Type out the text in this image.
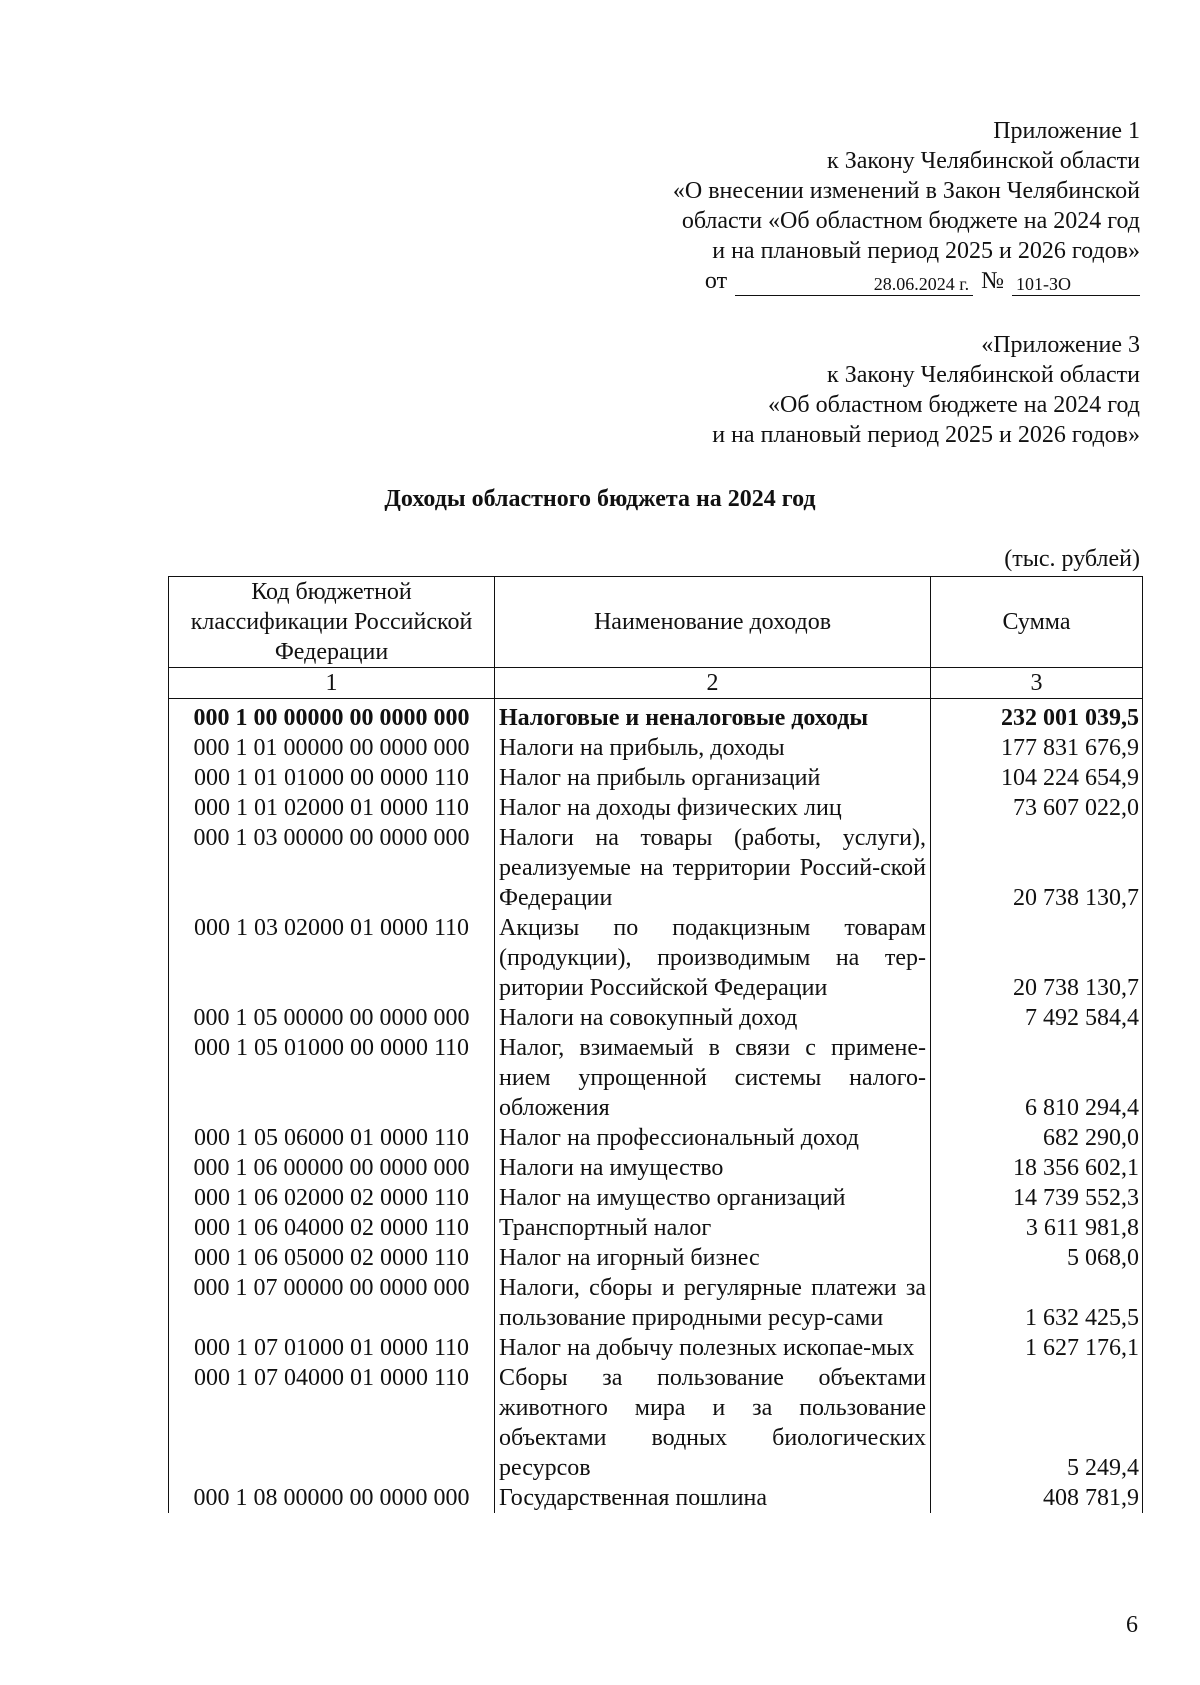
Приложение 1
к Закону Челябинской области
«О внесении изменений в Закон Челябинской
области «Об областном бюджете на 2024 год
и на плановый период 2025 и 2026 годов»
от	28.06.2024 г. № 101-ЗО
«Приложение 3
к Закону Челябинской области
«Об областном бюджете на 2024 год
и на плановый период 2025 и 2026 годов»
Доходы областного бюджета на 2024 год
(тыс. рублей)
Код бюджетной классификации Российской Федерации	Наименование доходов	Сумма
1	2	3
000 1 00 00000 00 0000 000	Налоговые и неналоговые доходы	232 001 039,5
000 1 01 00000 00 0000 000	Налоги на прибыль, доходы	177 831 676,9
000 1 01 01000 00 0000 110	Налог на прибыль организаций	104 224 654,9
000 1 01 02000 01 0000 110	Налог на доходы физических лиц	73 607 022,0
000 1 03 00000 00 0000 000	Налоги на товары (работы, услуги), реализуемые на территории Россий-ской Федерации	20 738 130,7
000 1 03 02000 01 0000 110	Акцизы по подакцизным товарам (продукции), производимым на тер-ритории Российской Федерации	20 738 130,7
000 1 05 00000 00 0000 000	Налоги на совокупный доход	7 492 584,4
000 1 05 01000 00 0000 110	Налог, взимаемый в связи с примене-нием упрощенной системы налого-обложения	6 810 294,4
000 1 05 06000 01 0000 110	Налог на профессиональный доход	682 290,0
000 1 06 00000 00 0000 000	Налоги на имущество	18 356 602,1
000 1 06 02000 02 0000 110	Налог на имущество организаций	14 739 552,3
000 1 06 04000 02 0000 110	Транспортный налог	3 611 981,8
000 1 06 05000 02 0000 110	Налог на игорный бизнес	5 068,0
000 1 07 00000 00 0000 000	Налоги, сборы и регулярные платежи за пользование природными ресур-сами	1 632 425,5
000 1 07 01000 01 0000 110	Налог на добычу полезных ископае-мых	1 627 176,1
000 1 07 04000 01 0000 110	Сборы за пользование объектами животного мира и за пользование объектами водных биологических ресурсов	5 249,4
000 1 08 00000 00 0000 000	Государственная пошлина	408 781,9
6
